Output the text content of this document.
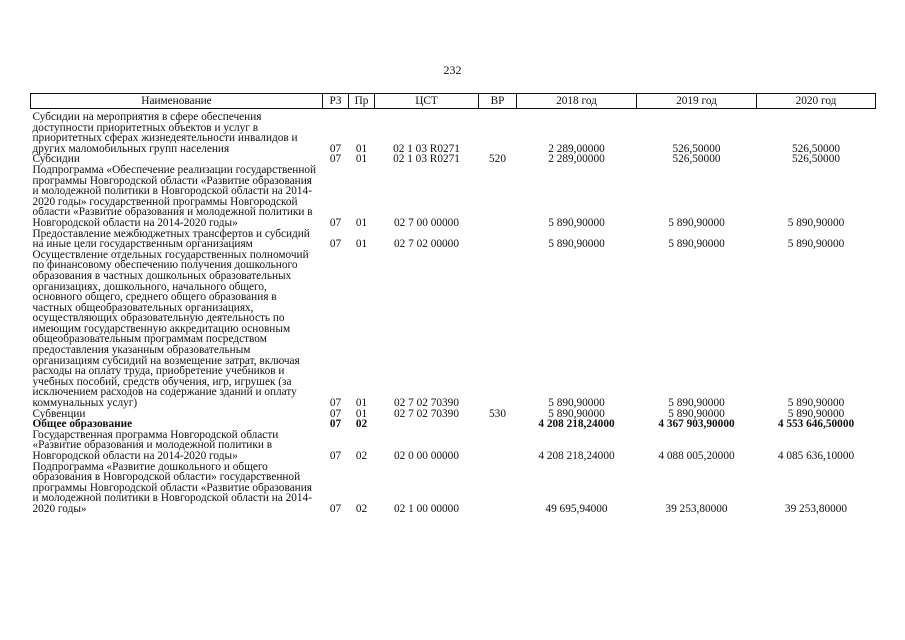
232
Наименование	РЗ	Пр	ЦСТ	ВР	2018 год	2019 год	2020 год

Субсидии на мероприятия в сфере обеспечения доступности приоритетных объектов и услуг в приоритетных сферах жизнедеятельности инвалидов и других маломобильных групп населения	07	01	02 1 03 R0271		2 289,00000	526,50000	526,50000
Субсидии	07	01	02 1 03 R0271	520	2 289,00000	526,50000	526,50000
Подпрограмма «Обеспечение реализации государственной программы Новгородской области «Развитие образования и молодежной политики в Новгородской области на 2014-2020 годы» государственной программы Новгородской области «Развитие образования и молодежной политики в Новгородской области на 2014-2020 годы»	07	01	02 7 00 00000		5 890,90000	5 890,90000	5 890,90000
Предоставление межбюджетных трансфертов и субсидий на иные цели государственным организациям	07	01	02 7 02 00000		5 890,90000	5 890,90000	5 890,90000
Осуществление отдельных государственных полномочий по финансовому обеспечению получения дошкольного образования в частных дошкольных образовательных организациях, дошкольного, начального общего, основного общего, среднего общего образования в частных общеобразовательных организациях, осуществляющих образовательную деятельность по имеющим государственную аккредитацию основным общеобразовательным программам посредством предоставления указанным образовательным организациям субсидий на возмещение затрат, включая расходы на оплату труда, приобретение учебников и учебных пособий, средств обучения, игр, игрушек (за исключением расходов на содержание зданий и оплату коммунальных услуг)	07	01	02 7 02 70390		5 890,90000	5 890,90000	5 890,90000
Субвенции	07	01	02 7 02 70390	530	5 890,90000	5 890,90000	5 890,90000
Общее образование	07	02			4 208 218,24000	4 367 903,90000	4 553 646,50000
Государственная программа Новгородской области «Развитие образования и молодежной политики в Новгородской области на 2014-2020 годы»	07	02	02 0 00 00000		4 208 218,24000	4 088 005,20000	4 085 636,10000
Подпрограмма «Развитие дошкольного и общего образования в Новгородской области» государственной программы Новгородской области «Развитие образования и молодежной политики в Новгородской области на 2014-2020 годы»	07	02	02 1 00 00000		49 695,94000	39 253,80000	39 253,80000
